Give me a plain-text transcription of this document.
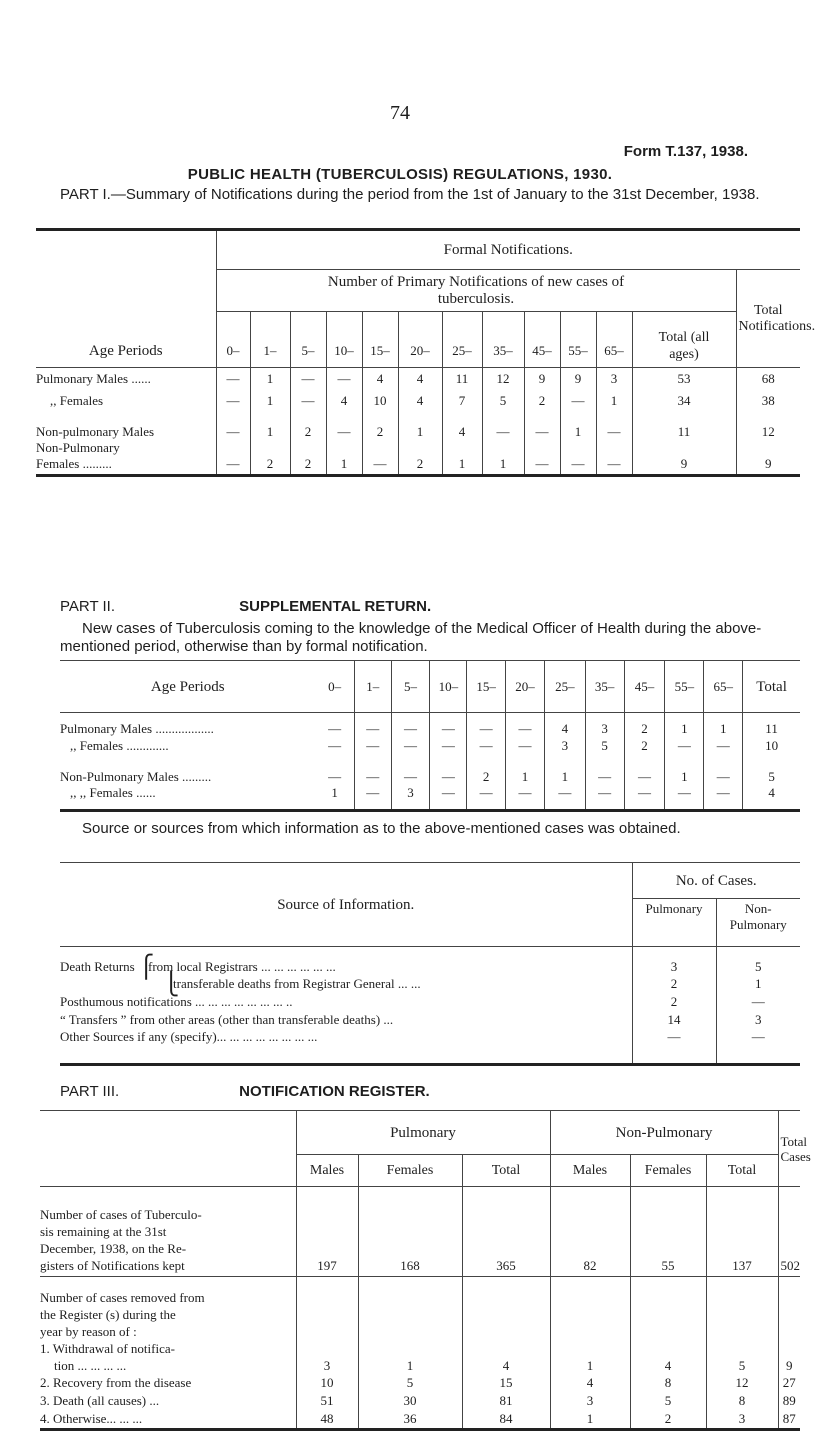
74
Form T.137, 1938.
PUBLIC HEALTH (TUBERCULOSIS) REGULATIONS, 1930.
PART I.—Summary of Notifications during the period from the 1st of January to the 31st December, 1938.
	Formal Notifications.												
Age Periods	Number of Primary Notifications of new cases of tuberculosis.												Total Notifications.
	0–	1–	5–	10–	15–	20–	25–	35–	45–	55–	65–	Total (all ages)	
Pulmonary Males ......	—	1	—	—	4	4	11	12	9	9	3	53	68
,, Females	—	1	—	4	10	4	7	5	2	—	1	34	38
Non-pulmonary Males	—	1	2	—	2	1	4	—	—	1	—	11	12

Non-Pulmonary
Females .........	—	2	2	1	—	2	1	1	—	—	—	9	9
PART II.	SUPPLEMENTAL RETURN.
New cases of Tuberculosis coming to the knowledge of the Medical Officer of Health during the above-mentioned period, otherwise than by formal notification.
Age Periods	0–	1–	5–	10–	15–	20–	25–	35–	45–	55–	65–	Total
Pulmonary Males ..................	—	—	—	—	—	—	4	3	2	1	1	11
,, Females .............	—	—	—	—	—	—	3	5	2	—	—	10
Non-Pulmonary Males .........	—	—	—	—	2	1	1	—	—	1	—	5
,, ,, Females ......	1	—	3	—	—	—	—	—	—	—	—	4
Source or sources from which information as to the above-mentioned cases was obtained.
Source of Information.	No. of Cases.	
	Pulmonary	Non-Pulmonary
Death Returns ⎧from local Registrars ... ... ... ... ... ...	3	5
⎩transferable deaths from Registrar General ... ...	2	1
Posthumous notifications ... ... ... ... ... ... ... ..	2	—
“ Transfers ” from other areas (other than transferable deaths) ...	14	3
Other Sources if any (specify)... ... ... ... ... ... ... ...	—	—
PART III.	NOTIFICATION REGISTER.
	Pulmonary			Non-Pulmonary			Total Cases
	Males	Females	Total	Males	Females	Total	

Number of cases of Tuberculo-
sis remaining at the 31st
December, 1938, on the Re-
gisters of Notifications kept	197	168	365	82	55	137	502

Number of cases removed from
the Register (s) during the
year by reason of :
1. Withdrawal of notifica-
tion ... ... ... ...	3	1	4	1	4	5	9
2. Recovery from the disease	10	5	15	4	8	12	27
3. Death (all causes) ...	51	30	81	3	5	8	89
4. Otherwise... ... ...	48	36	84	1	2	3	87
